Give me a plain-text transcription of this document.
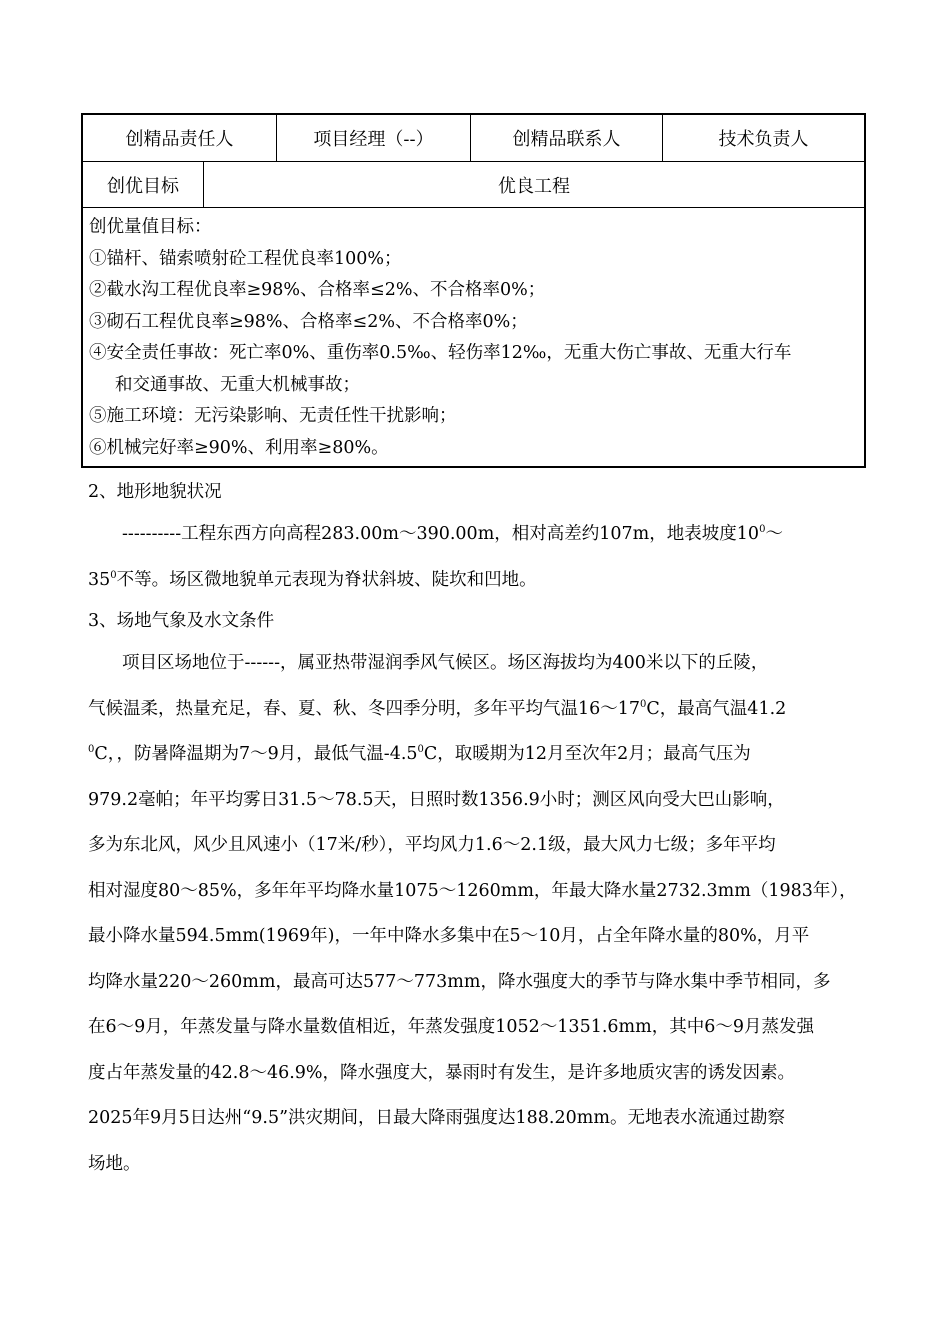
创精品责任人	项目经理（--）	创精品联系人	技术负责人
创优目标	优良工程
创优量值目标：
①锚杆、锚索喷射砼工程优良率100%；
②截水沟工程优良率≥98%、合格率≤2%、不合格率0%；
③砌石工程优良率≥98%、合格率≤2%、不合格率0%；
④安全责任事故：死亡率0%、重伤率0.5‰、轻伤率12‰，无重大伤亡事故、无重大行车
和交通事故、无重大机械事故；
⑤施工环境：无污染影响、无责任性干扰影响；
⑥机械完好率≥90%、利用率≥80%。
2、地形地貌状况
----------工程东西方向高程283.00m～390.00m，相对高差约107m，地表坡度$10^0\sim$
$35^0$不等。场区微地貌单元表现为脊状斜坡、陡坎和凹地。
3、场地气象及水文条件
项目区场地位于------，属亚热带湿润季风气候区。场区海拔均为400米以下的丘陵，
气候温柔，热量充足，春、夏、秋、冬四季分明，多年平均气温$16\sim 17^0C$，最高气温41.2
$^0$C，，防暑降温期为7～9月，最低气温$-4.5^0C$，取暖期为12月至次年2月；最高气压为
979.2毫帕；年平均雾日31.5～78.5天，日照时数1356.9小时；测区风向受大巴山影响，
多为东北风，风少且风速小（17米/秒），平均风力1.6～2.1级，最大风力七级；多年平均
相对湿度80～85%，多年年平均降水量1075～1260mm，年最大降水量2732.3mm（1983年），
最小降水量594.5mm(1969年)，一年中降水多集中在5～10月，占全年降水量的80%，月平
均降水量220～260mm，最高可达577～773mm，降水强度大的季节与降水集中季节相同，多
在6～9月，年蒸发量与降水量数值相近，年蒸发强度1052～1351.6mm，其中6～9月蒸发强
度占年蒸发量的42.8～46.9%，降水强度大，暴雨时有发生，是许多地质灾害的诱发因素。
2025年9月5日达州“9.5”洪灾期间，日最大降雨强度达188.20mm。无地表水流通过勘察
场地。
